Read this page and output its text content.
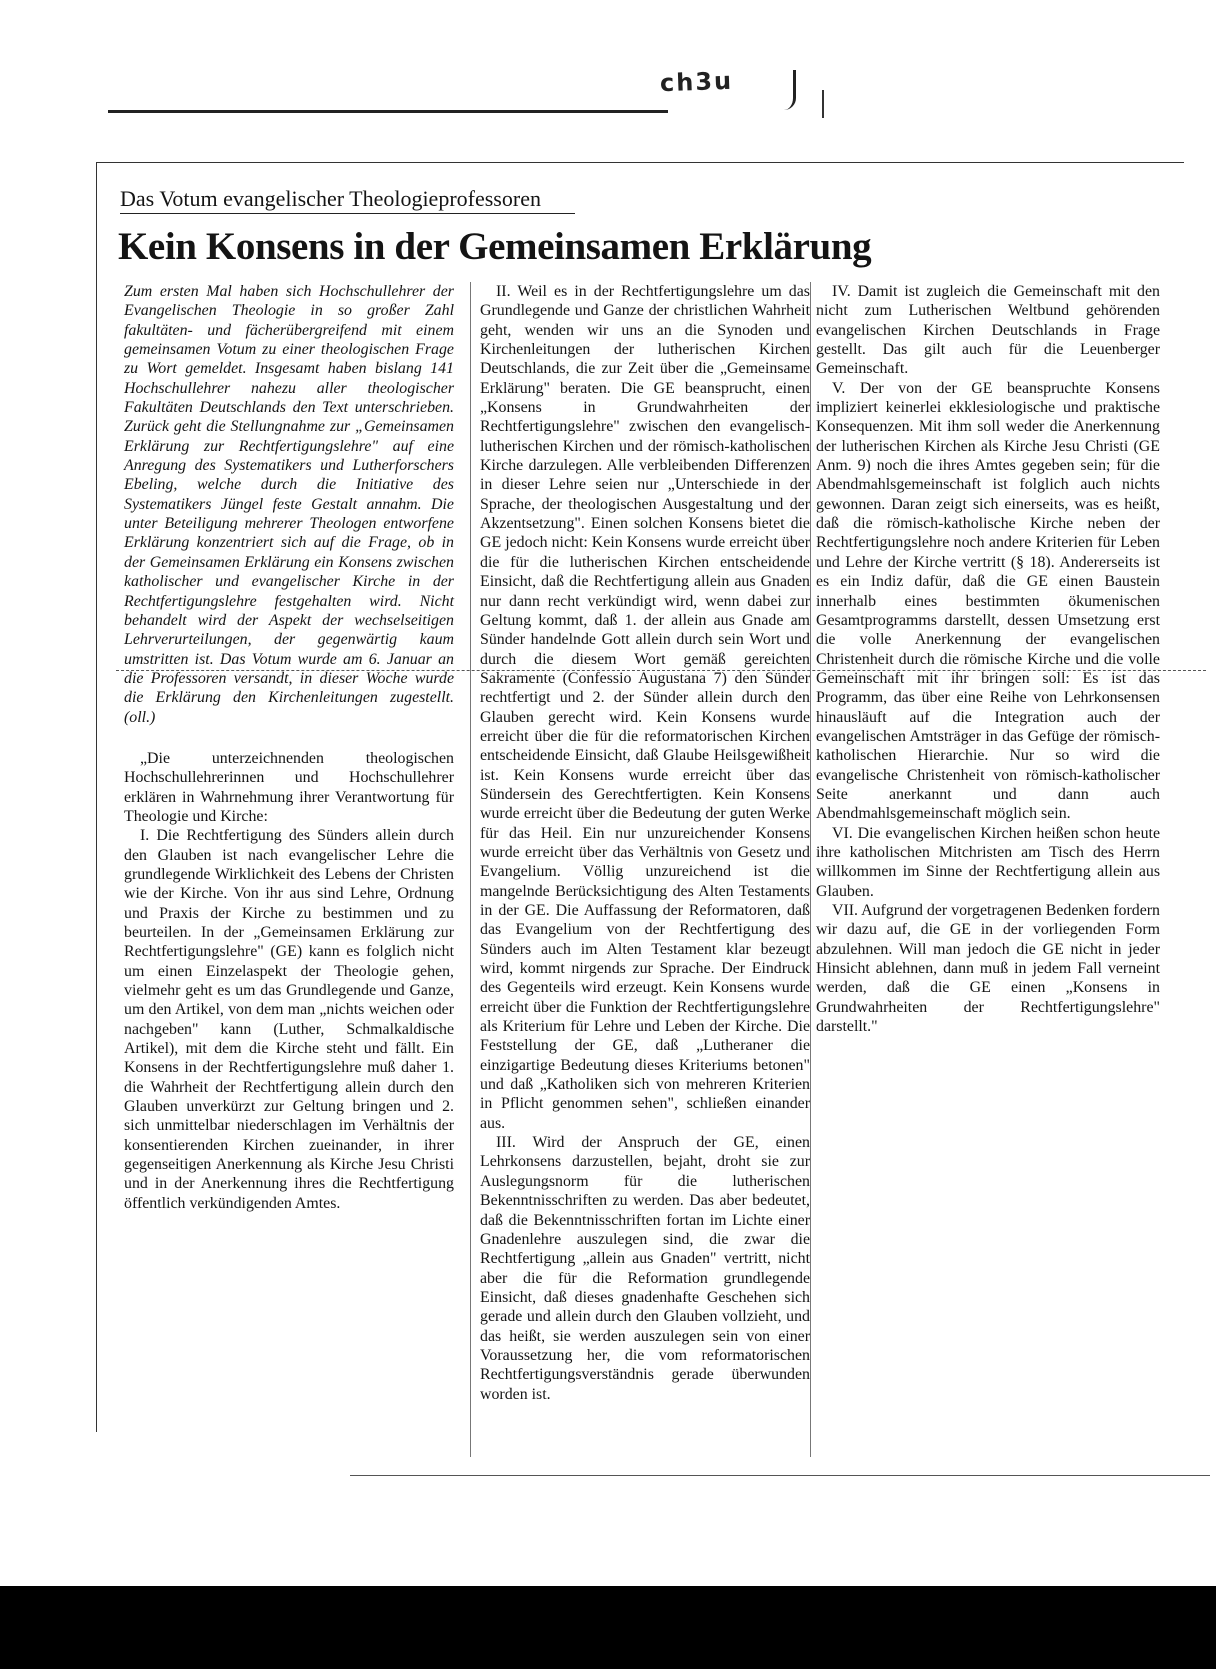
ch3u
Das Votum evangelischer Theologieprofessoren
Kein Konsens in der Gemeinsamen Erklärung

Zum ersten Mal haben sich Hochschullehrer der Evangelischen Theologie in so großer Zahl fakultäten- und fächerübergreifend mit einem gemeinsamen Votum zu einer theologischen Frage zu Wort gemeldet. Insgesamt haben bislang 141 Hochschullehrer nahezu aller theologischer Fakultäten Deutschlands den Text unterschrieben. Zurück geht die Stellungnahme zur „Gemeinsamen Erklärung zur Rechtfertigungslehre" auf eine Anregung des Systematikers und Lutherforschers Ebeling, welche durch die Initiative des Systematikers Jüngel feste Gestalt annahm. Die unter Beteiligung mehrerer Theologen entworfene Erklärung konzentriert sich auf die Frage, ob in der Gemeinsamen Erklärung ein Konsens zwischen katholischer und evangelischer Kirche in der Rechtfertigungslehre festgehalten wird. Nicht behandelt wird der Aspekt der wechselseitigen Lehrverurteilungen, der gegenwärtig kaum umstritten ist. Das Votum wurde am 6. Januar an die Professoren versandt, in dieser Woche wurde die Erklärung den Kirchenleitungen zugestellt. (oll.)

„Die unterzeichnenden theologischen Hochschullehrerinnen und Hochschullehrer erklären in Wahrnehmung ihrer Verantwortung für Theologie und Kirche:

I. Die Rechtfertigung des Sünders allein durch den Glauben ist nach evangelischer Lehre die grundlegende Wirklichkeit des Lebens der Christen wie der Kirche. Von ihr aus sind Lehre, Ordnung und Praxis der Kirche zu bestimmen und zu beurteilen. In der „Gemeinsamen Erklärung zur Rechtfertigungslehre" (GE) kann es folglich nicht um einen Einzelaspekt der Theologie gehen, vielmehr geht es um das Grundlegende und Ganze, um den Artikel, von dem man „nichts weichen oder nachgeben" kann (Luther, Schmalkaldische Artikel), mit dem die Kirche steht und fällt. Ein Konsens in der Rechtfertigungslehre muß daher 1. die Wahrheit der Rechtfertigung allein durch den Glauben unverkürzt zur Geltung bringen und 2. sich unmittelbar niederschlagen im Verhältnis der konsentierenden Kirchen zueinander, in ihrer gegenseitigen Anerkennung als Kirche Jesu Christi und in der Anerkennung ihres die Rechtfertigung öffentlich verkündigenden Amtes.

II. Weil es in der Rechtfertigungslehre um das Grundlegende und Ganze der christlichen Wahrheit geht, wenden wir uns an die Synoden und Kirchenleitungen der lutherischen Kirchen Deutschlands, die zur Zeit über die „Gemeinsame Erklärung" beraten. Die GE beansprucht, einen „Konsens in Grundwahrheiten der Rechtfertigungslehre" zwischen den evangelisch-lutherischen Kirchen und der römisch-katholischen Kirche darzulegen. Alle verbleibenden Differenzen in dieser Lehre seien nur „Unterschiede in der Sprache, der theologischen Ausgestaltung und der Akzentsetzung". Einen solchen Konsens bietet die GE jedoch nicht: Kein Konsens wurde erreicht über die für die lutherischen Kirchen entscheidende Einsicht, daß die Rechtfertigung allein aus Gnaden nur dann recht verkündigt wird, wenn dabei zur Geltung kommt, daß 1. der allein aus Gnade am Sünder handelnde Gott allein durch sein Wort und durch die diesem Wort gemäß gereichten Sakramente (Confessio Augustana 7) den Sünder rechtfertigt und 2. der Sünder allein durch den Glauben gerecht wird. Kein Konsens wurde erreicht über die für die reformatorischen Kirchen entscheidende Einsicht, daß Glaube Heilsgewißheit ist. Kein Konsens wurde erreicht über das Sündersein des Gerechtfertigten. Kein Konsens wurde erreicht über die Bedeutung der guten Werke für das Heil. Ein nur unzureichender Konsens wurde erreicht über das Verhältnis von Gesetz und Evangelium. Völlig unzureichend ist die mangelnde Berücksichtigung des Alten Testaments in der GE. Die Auffassung der Reformatoren, daß das Evangelium von der Rechtfertigung des Sünders auch im Alten Testament klar bezeugt wird, kommt nirgends zur Sprache. Der Eindruck des Gegenteils wird erzeugt. Kein Konsens wurde erreicht über die Funktion der Rechtfertigungslehre als Kriterium für Lehre und Leben der Kirche. Die Feststellung der GE, daß „Lutheraner die einzigartige Bedeutung dieses Kriteriums betonen" und daß „Katholiken sich von mehreren Kriterien in Pflicht genommen sehen", schließen einander aus.

III. Wird der Anspruch der GE, einen Lehrkonsens darzustellen, bejaht, droht sie zur Auslegungsnorm für die lutherischen Bekenntnisschriften zu werden. Das aber bedeutet, daß die Bekenntnisschriften fortan im Lichte einer Gnadenlehre auszulegen sind, die zwar die Rechtfertigung „allein aus Gnaden" vertritt, nicht aber die für die Reformation grundlegende Einsicht, daß dieses gnadenhafte Geschehen sich gerade und allein durch den Glauben vollzieht, und das heißt, sie werden auszulegen sein von einer Voraussetzung her, die vom reformatorischen Rechtfertigungsverständnis gerade überwunden worden ist.

IV. Damit ist zugleich die Gemeinschaft mit den nicht zum Lutherischen Weltbund gehörenden evangelischen Kirchen Deutschlands in Frage gestellt. Das gilt auch für die Leuenberger Gemeinschaft.

V. Der von der GE beanspruchte Konsens impliziert keinerlei ekklesiologische und praktische Konsequenzen. Mit ihm soll weder die Anerkennung der lutherischen Kirchen als Kirche Jesu Christi (GE Anm. 9) noch die ihres Amtes gegeben sein; für die Abendmahlsgemeinschaft ist folglich auch nichts gewonnen. Daran zeigt sich einerseits, was es heißt, daß die römisch-katholische Kirche neben der Rechtfertigungslehre noch andere Kriterien für Leben und Lehre der Kirche vertritt (§ 18). Andererseits ist es ein Indiz dafür, daß die GE einen Baustein innerhalb eines bestimmten ökumenischen Gesamtprogramms darstellt, dessen Umsetzung erst die volle Anerkennung der evangelischen Christenheit durch die römische Kirche und die volle Gemeinschaft mit ihr bringen soll: Es ist das Programm, das über eine Reihe von Lehrkonsensen hinausläuft auf die Integration auch der evangelischen Amtsträger in das Gefüge der römisch-katholischen Hierarchie. Nur so wird die evangelische Christenheit von römisch-katholischer Seite anerkannt und dann auch Abendmahlsgemeinschaft möglich sein.

VI. Die evangelischen Kirchen heißen schon heute ihre katholischen Mitchristen am Tisch des Herrn willkommen im Sinne der Rechtfertigung allein aus Glauben.

VII. Aufgrund der vorgetragenen Bedenken fordern wir dazu auf, die GE in der vorliegenden Form abzulehnen. Will man jedoch die GE nicht in jeder Hinsicht ablehnen, dann muß in jedem Fall verneint werden, daß die GE einen „Konsens in Grundwahrheiten der Rechtfertigungslehre" darstellt."
